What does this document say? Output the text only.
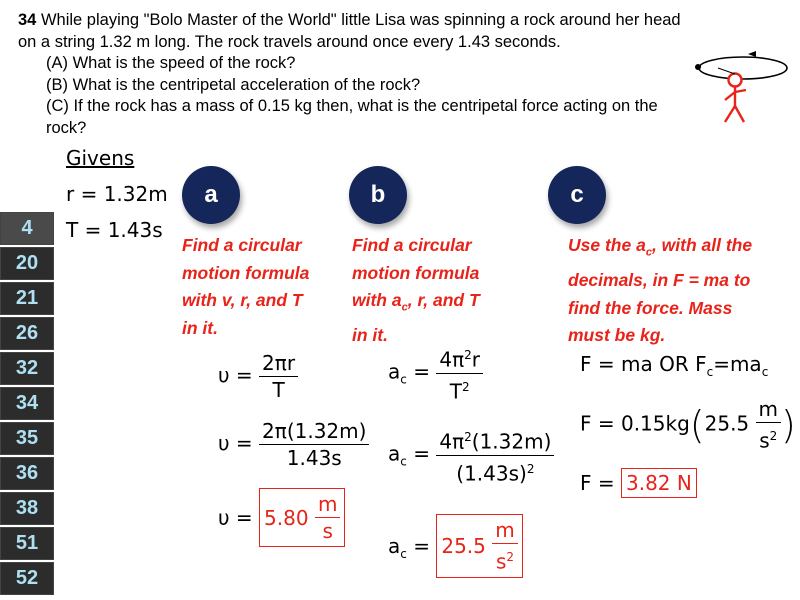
34 While playing "Bolo Master of the World" little Lisa was spinning a rock around her head on a string 1.32 m long. The rock travels around once every 1.43 seconds.
(A) What is the speed of the rock?
(B) What is the centripetal acceleration of the rock?
(C) If the rock has a mass of 0.15 kg then, what is the centripetal force acting on the rock?
4
20
21
26
32
34
35
36
38
51
52
Givens
r = 1.32m
T = 1.43s
a	b	c
Find a circular
motion formula
with v, r, and T
in it.
Find a circular
motion formula
with $a_c$, r, and T
in it.
Use the $a_c$, with all the
decimals, in F = ma to
find the force. Mass
must be kg.
$\upsilon = \frac{2\pi r}{T}$
$\upsilon = \frac{2\pi(1.32m)}{1.43s}$
υ = 5.80
$\frac{m}{s}$
$a_c = \frac{4\pi^2r}{T^2}$
$a_c = \frac{4\pi^2(1.32m)}{(1.43s)^2}$
$a_c = 25.5$
$\frac{m}{s^2}$
F = ma OR $F_c=ma_c$
$F = 0.15kg(25.5 \frac{m}{s^2}$ )
F = 3.82 N
